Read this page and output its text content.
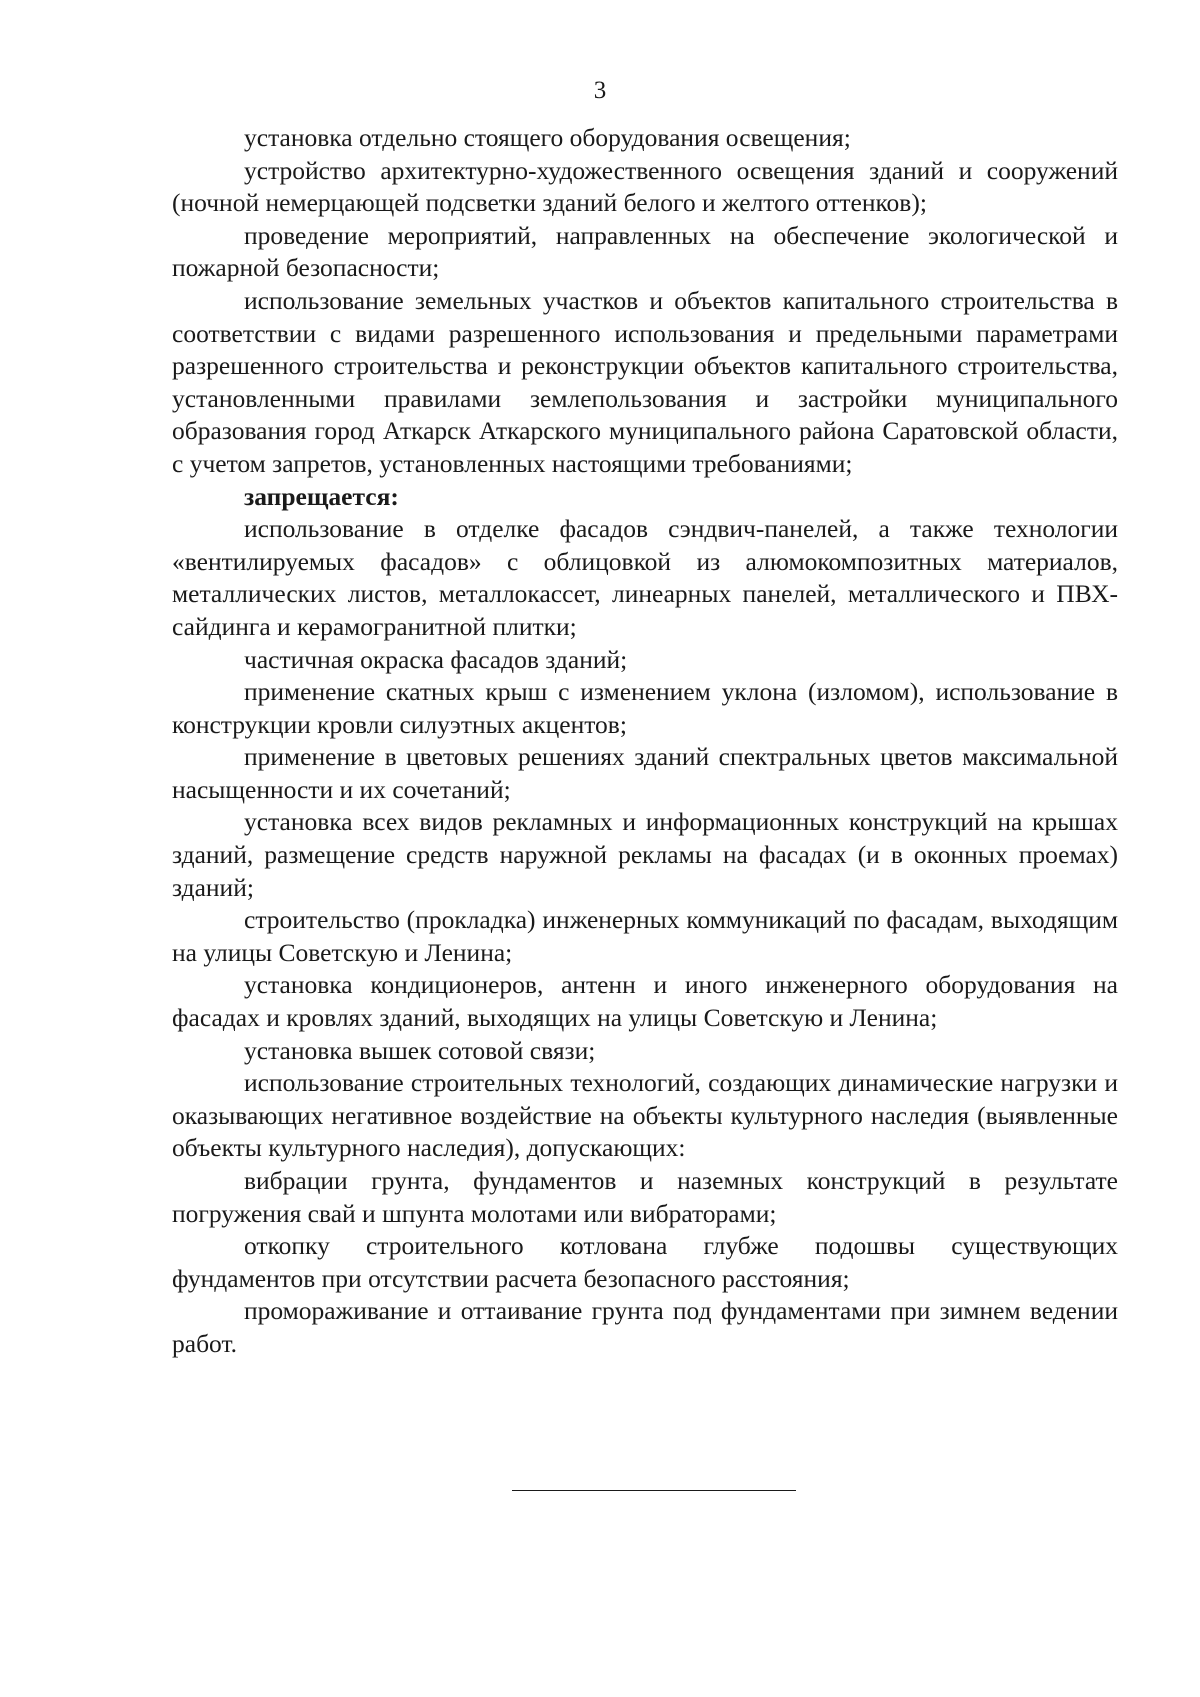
3

установка отдельно стоящего оборудования освещения;

устройство архитектурно-художественного освещения зданий и сооружений (ночной немерцающей подсветки зданий белого и желтого оттенков);

проведение мероприятий, направленных на обеспечение экологической и пожарной безопасности;

использование земельных участков и объектов капитального строительства в соответствии с видами разрешенного использования и предельными параметрами разрешенного строительства и реконструкции объектов капитального строительства, установленными правилами землепользования и застройки муниципального образования город Аткарск Аткарского муниципального района Саратовской области, с учетом запретов, установленных настоящими требованиями;

запрещается:

использование в отделке фасадов сэндвич-панелей, а также технологии «вентилируемых фасадов» с облицовкой из алюмокомпозитных материалов, металлических листов, металлокассет, линеарных панелей, металлического и ПВХ-сайдинга и керамогранитной плитки;

частичная окраска фасадов зданий;

применение скатных крыш с изменением уклона (изломом), использование в конструкции кровли силуэтных акцентов;

применение в цветовых решениях зданий спектральных цветов максимальной насыщенности и их сочетаний;

установка всех видов рекламных и информационных конструкций на крышах зданий, размещение средств наружной рекламы на фасадах (и в оконных проемах) зданий;

строительство (прокладка) инженерных коммуникаций по фасадам, выходящим на улицы Советскую и Ленина;

установка кондиционеров, антенн и иного инженерного оборудования на фасадах и кровлях зданий, выходящих на улицы Советскую и Ленина;

установка вышек сотовой связи;

использование строительных технологий, создающих динамические нагрузки и оказывающих негативное воздействие на объекты культурного наследия (выявленные объекты культурного наследия), допускающих:

вибрации грунта, фундаментов и наземных конструкций в результате погружения свай и шпунта молотами или вибраторами;

откопку строительного котлована глубже подошвы существующих фундаментов при отсутствии расчета безопасного расстояния;

промораживание и оттаивание грунта под фундаментами при зимнем ведении работ.
